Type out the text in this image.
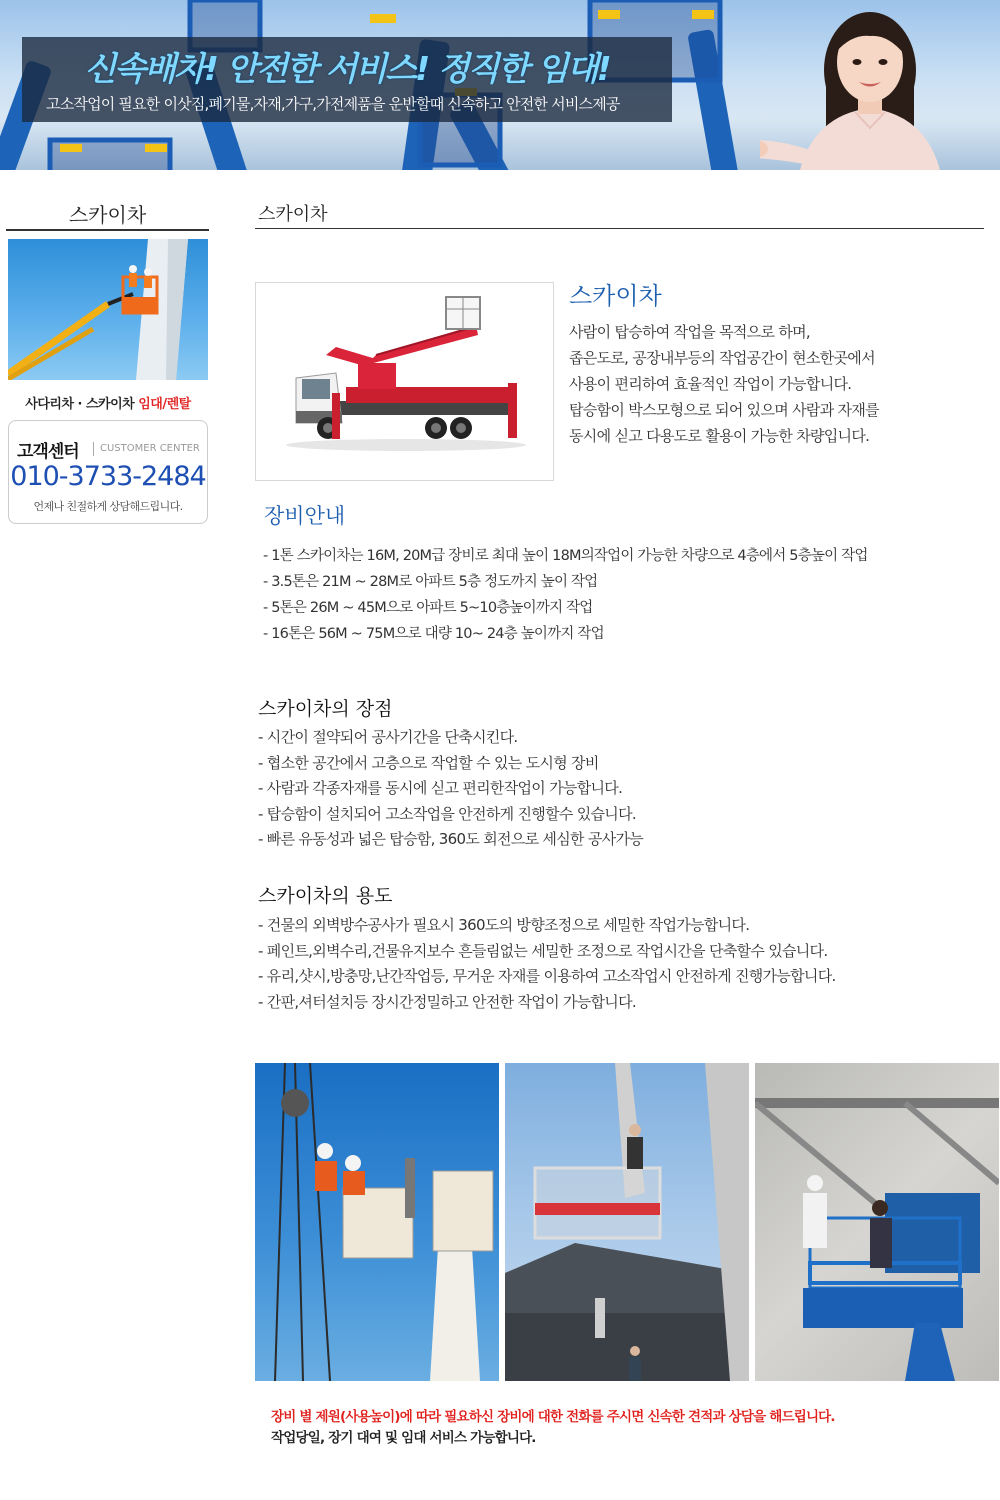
신속배차! 안전한 서비스! 정직한 임대!
고소작업이 필요한 이삿짐,폐기물,자재,가구,가전제품을 운반할때 신속하고 안전한 서비스제공
스카이차
사다리차 · 스카이차 임대/렌탈
고객센터 CUSTOMER CENTER
010-3733-2484
언제나 친절하게 상담해드립니다.
스카이차
스카이차
사람이 탑승하여 작업을 목적으로 하며,
좁은도로, 공장내부등의 작업공간이 현소한곳에서
사용이 편리하여 효율적인 작업이 가능합니다.
탑승함이 박스모형으로 되어 있으며 사람과 자재를
동시에 싣고 다용도로 활용이 가능한 차량입니다.
장비안내
- 1톤 스카이차는 16M, 20M급 장비로 최대 높이 18M의작업이 가능한 차량으로 4층에서 5층높이 작업
- 3.5톤은 21M ~ 28M로 아파트 5층 정도까지 높이 작업
- 5톤은 26M ~ 45M으로 아파트 5~10층높이까지 작업
- 16톤은 56M ~ 75M으로 대량 10~ 24층 높이까지 작업
스카이차의 장점
- 시간이 절약되어 공사기간을 단축시킨다.
- 협소한 공간에서 고층으로 작업할 수 있는 도시형 장비
- 사람과 각종자재를 동시에 싣고 편리한작업이 가능합니다.
- 탑승함이 설치되어 고소작업을 안전하게 진행할수 있습니다.
- 빠른 유동성과 넓은 탑승함, 360도 회전으로 세심한 공사가능
스카이차의 용도
- 건물의 외벽방수공사가 필요시 360도의 방향조정으로 세밀한 작업가능합니다.
- 페인트,외벽수리,건물유지보수 흔들림없는 세밀한 조정으로 작업시간을 단축할수 있습니다.
- 유리,샷시,방충망,난간작업등, 무거운 자재를 이용하여 고소작업시 안전하게 진행가능합니다.
- 간판,셔터설치등 장시간정밀하고 안전한 작업이 가능합니다.
장비 별 제원(사용높이)에 따라 필요하신 장비에 대한 전화를 주시면 신속한 견적과 상담을 해드립니다.
작업당일, 장기 대여 및 임대 서비스 가능합니다.
